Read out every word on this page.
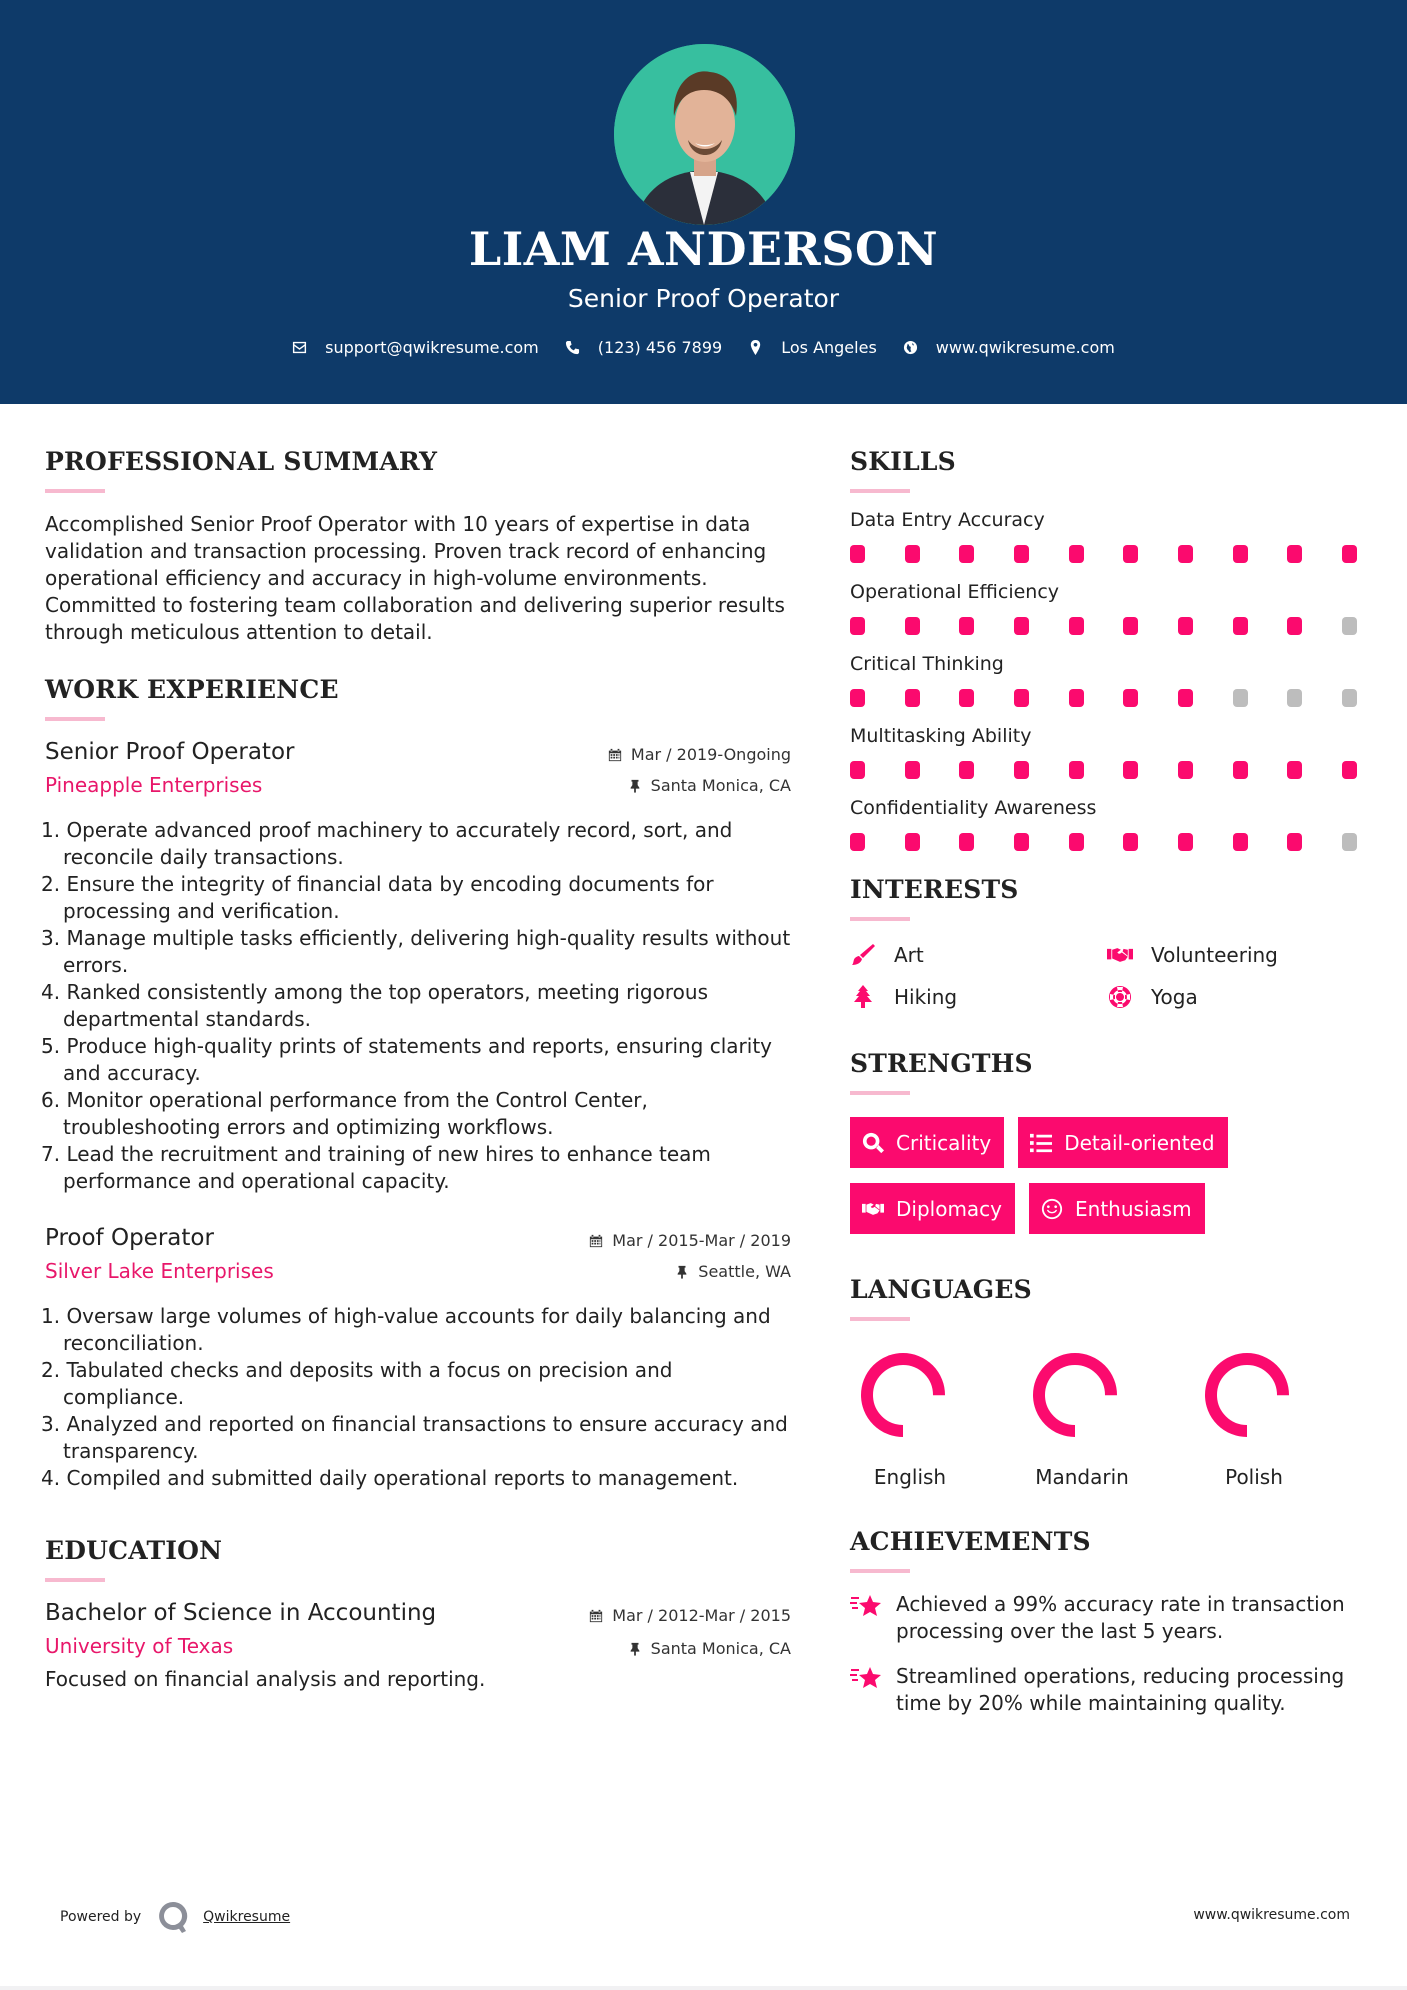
LIAM ANDERSON
Senior Proof Operator
support@qwikresume.com	(123) 456 7899	Los Angeles	www.qwikresume.com
PROFESSIONAL SUMMARY

Accomplished Senior Proof Operator with 10 years of expertise in data validation and transaction processing. Proven track record of enhancing operational efficiency and accuracy in high-volume environments. Committed to fostering team collaboration and delivering superior results through meticulous attention to detail.

WORK EXPERIENCE
Senior Proof Operator
Pineapple Enterprises
Mar / 2019-Ongoing
Santa Monica, CA
1. Operate advanced proof machinery to accurately record, sort, and reconcile daily transactions.
2. Ensure the integrity of financial data by encoding documents for processing and verification.
3. Manage multiple tasks efficiently, delivering high-quality results without errors.
4. Ranked consistently among the top operators, meeting rigorous departmental standards.
5. Produce high-quality prints of statements and reports, ensuring clarity and accuracy.
6. Monitor operational performance from the Control Center, troubleshooting errors and optimizing workflows.
7. Lead the recruitment and training of new hires to enhance team performance and operational capacity.
Proof Operator
Silver Lake Enterprises
Mar / 2015-Mar / 2019
Seattle, WA
1. Oversaw large volumes of high-value accounts for daily balancing and reconciliation.
2. Tabulated checks and deposits with a focus on precision and compliance.
3. Analyzed and reported on financial transactions to ensure accuracy and transparency.
4. Compiled and submitted daily operational reports to management.
EDUCATION
Bachelor of Science in Accounting
University of Texas
Mar / 2012-Mar / 2015
Santa Monica, CA

Focused on financial analysis and reporting.

SKILLS
Data Entry Accuracy
Operational Efficiency
Critical Thinking
Multitasking Ability
Confidentiality Awareness
INTERESTS
Art	Volunteering
Hiking	Yoga
STRENGTHS
Criticality	Detail-oriented
Diplomacy	Enthusiasm
LANGUAGES
English	Mandarin	Polish
ACHIEVEMENTS
Achieved a 99% accuracy rate in transaction processing over the last 5 years.
Streamlined operations, reducing processing time by 20% while maintaining quality.
Powered by	Qwikresume	www.qwikresume.com
